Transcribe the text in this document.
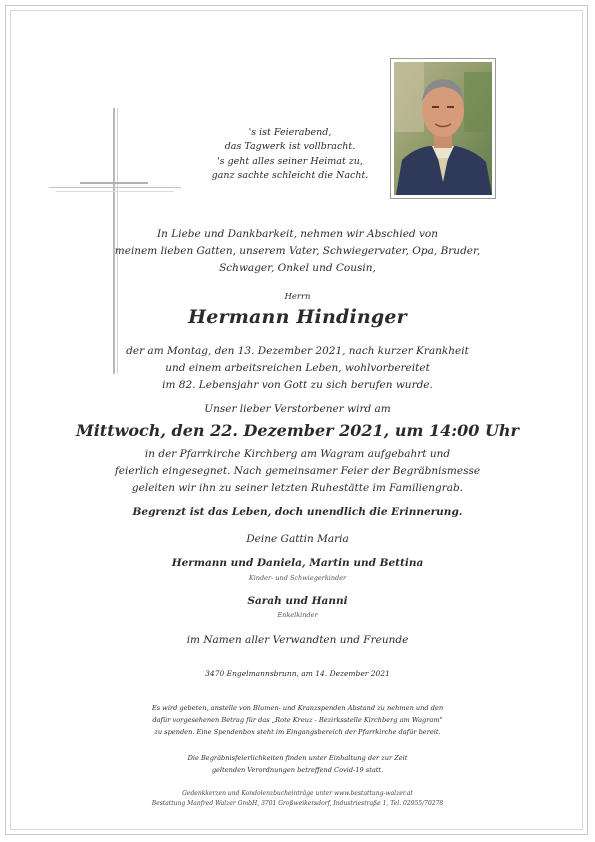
's ist Feierabend,
das Tagwerk ist vollbracht.
's geht alles seiner Heimat zu,
ganz sachte schleicht die Nacht.
In Liebe und Dankbarkeit, nehmen wir Abschied von
meinem lieben Gatten, unserem Vater, Schwiegervater, Opa, Bruder,
Schwager, Onkel und Cousin,
Herrn
Hermann Hindinger
der am Montag, den 13. Dezember 2021, nach kurzer Krankheit
und einem arbeitsreichen Leben, wohlvorbereitet
im 82. Lebensjahr von Gott zu sich berufen wurde.
Unser lieber Verstorbener wird am
Mittwoch, den 22. Dezember 2021, um 14:00 Uhr
in der Pfarrkirche Kirchberg am Wagram aufgebahrt und
feierlich eingesegnet. Nach gemeinsamer Feier der Begräbnismesse
geleiten wir ihn zu seiner letzten Ruhestätte im Familiengrab.
Begrenzt ist das Leben, doch unendlich die Erinnerung.
Deine Gattin Maria
Hermann und Daniela, Martin und Bettina
Kinder- und Schwiegerkinder
Sarah und Hanni
Enkelkinder
im Namen aller Verwandten und Freunde
3470 Engelmannsbrunn, am 14. Dezember 2021
Es wird gebeten, anstelle von Blumen- und Kranzspenden Abstand zu nehmen und den
dafür vorgesehenen Betrag für das „Rote Kreuz - Bezirksstelle Kirchberg am Wagram"
zu spenden. Eine Spendenbox steht im Eingangsbereich der Pfarrkirche dafür bereit.
Die Begräbnisfeierlichkeiten finden unter Einhaltung der zur Zeit
geltenden Verordnungen betreffend Covid-19 statt.
Gedenkkerzen und Kondolenzbucheinträge unter www.bestattung-walzer.at
Bestattung Manfred Walzer GmbH, 3701 Großweikersdorf, Industriestraße 1, Tel. 02955/70278
